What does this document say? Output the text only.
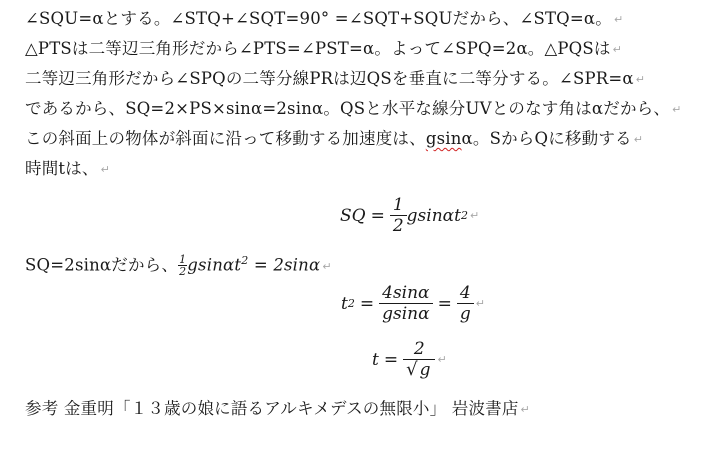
∠SQU=αとする。∠STQ+∠SQT=90° =∠SQT+SQUだから、∠STQ=α。 ↵
△PTSは二等辺三角形だから∠PTS=∠PST=α。よって∠SPQ=2α。△PQSは ↵
二等辺三角形だから∠SPQの二等分線PRは辺QSを垂直に二等分する。∠SPR=α ↵
であるから、SQ=2×PS×sinα=2sinα。QSと水平な線分UVとのなす角はαだから、 ↵
この斜面上の物体が斜面に沿って移動する加速度は、gsinα。SからQに移動する ↵
時間tは、 ↵
SQ = $\frac{1}{2}$ gsinαt 2 ↵
SQ=2sinαだから、 $\frac{1}{2} gsin\alpha t^2 = 2\sin\alpha$ ↵
t $2 = \frac{4\sin\alpha}{gsin\alpha} = \frac{4}{g}$ ↵
$t = \frac{2}{√ g}$ ↵
参考 金重明「１３歳の娘に語るアルキメデスの無限小」 岩波書店 ↵
